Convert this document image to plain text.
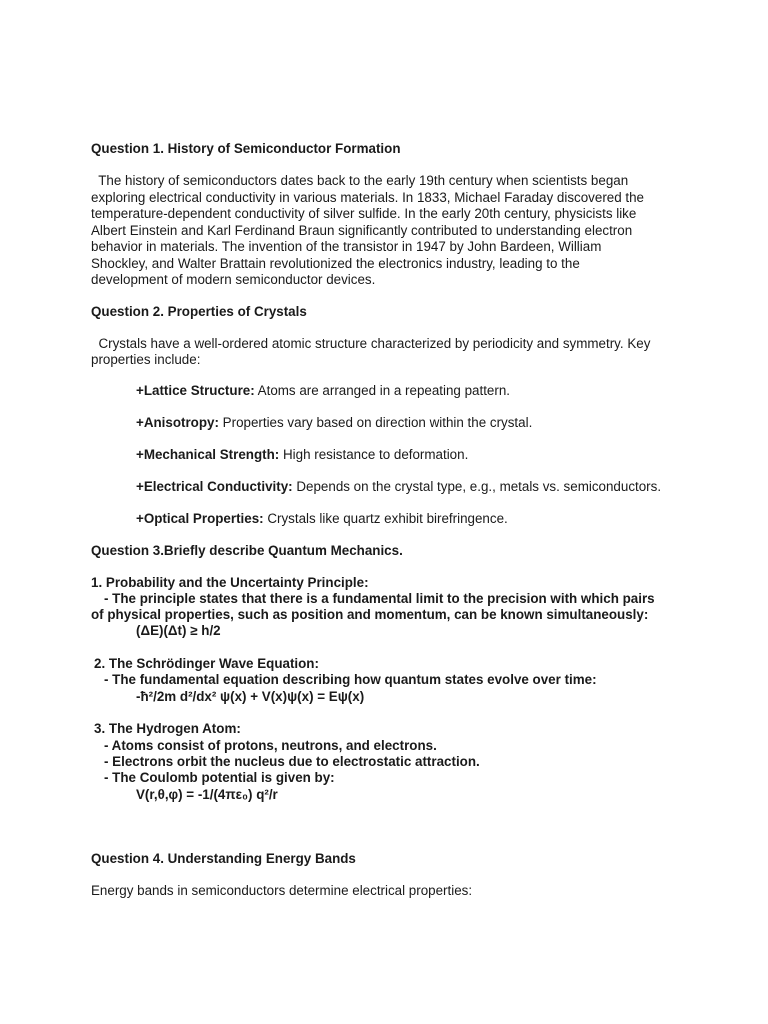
Question 1. History of Semiconductor Formation

The history of semiconductors dates back to the early 19th century when scientists began

exploring electrical conductivity in various materials. In 1833, Michael Faraday discovered the

temperature-dependent conductivity of silver sulfide. In the early 20th century, physicists like

Albert Einstein and Karl Ferdinand Braun significantly contributed to understanding electron

behavior in materials. The invention of the transistor in 1947 by John Bardeen, William

Shockley, and Walter Brattain revolutionized the electronics industry, leading to the

development of modern semiconductor devices.

Question 2. Properties of Crystals

Crystals have a well-ordered atomic structure characterized by periodicity and symmetry. Key

properties include:

+Lattice Structure: Atoms are arranged in a repeating pattern.

+Anisotropy: Properties vary based on direction within the crystal.

+Mechanical Strength: High resistance to deformation.

+Electrical Conductivity: Depends on the crystal type, e.g., metals vs. semiconductors.

+Optical Properties: Crystals like quartz exhibit birefringence.

Question 3.Briefly describe Quantum Mechanics.

1. Probability and the Uncertainty Principle:

- The principle states that there is a fundamental limit to the precision with which pairs

of physical properties, such as position and momentum, can be known simultaneously:

(ΔE)(Δt) ≥ h/2

2. The Schrödinger Wave Equation:

- The fundamental equation describing how quantum states evolve over time:

-ħ²/2m d²/dx² ψ(x) + V(x)ψ(x) = Eψ(x)

3. The Hydrogen Atom:

- Atoms consist of protons, neutrons, and electrons.

- Electrons orbit the nucleus due to electrostatic attraction.

- The Coulomb potential is given by:

V(r,θ,φ) = -1/(4πε₀) q²/r

Question 4. Understanding Energy Bands

Energy bands in semiconductors determine electrical properties:
